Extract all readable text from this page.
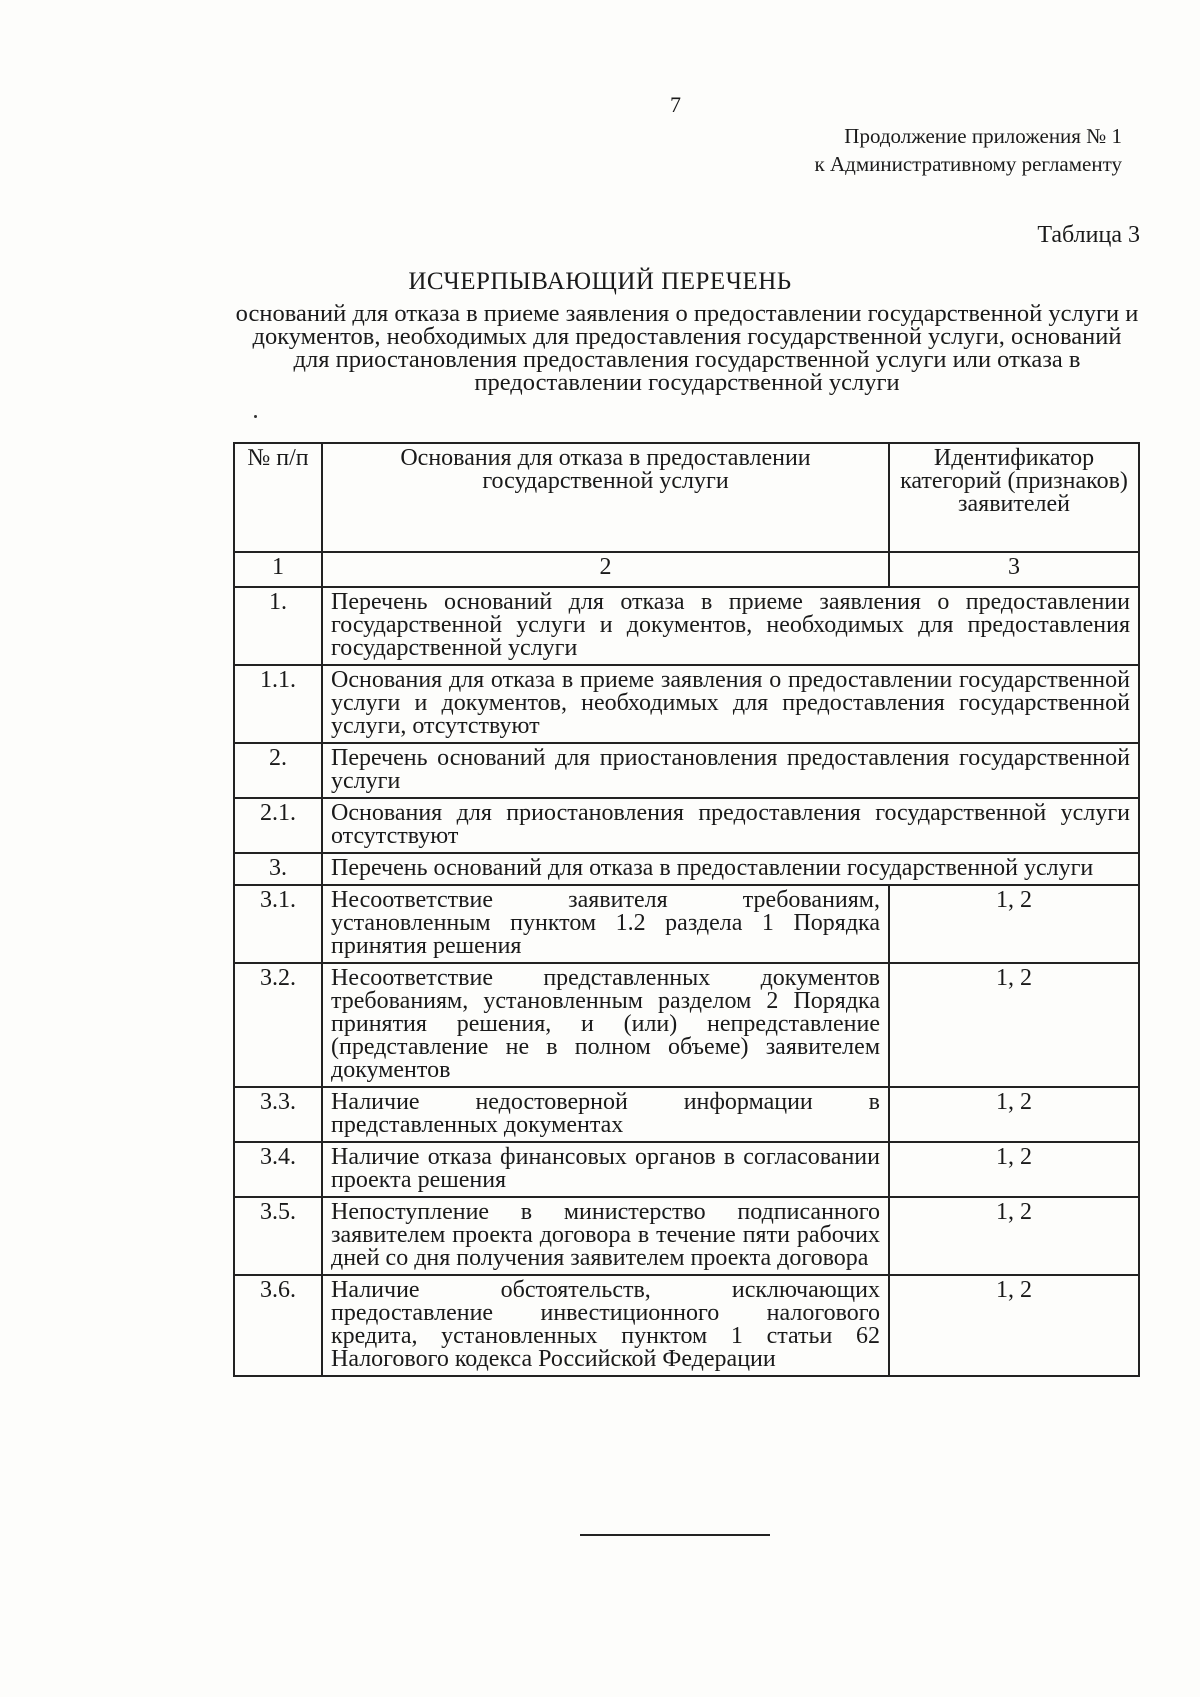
7
Продолжение приложения № 1
к Административному регламенту
Таблица 3
ИСЧЕРПЫВАЮЩИЙ ПЕРЕЧЕНЬ
оснований для отказа в приеме заявления о предоставлении государственной услуги и документов, необходимых для предоставления государственной услуги, оснований для приостановления предоставления государственной услуги или отказа в предоставлении государственной услуги
№ п/п	Основания для отказа в предоставлении государственной услуги	Идентификатор категорий (признаков) заявителей
1	2	3
1.	Перечень оснований для отказа в приеме заявления о предоставлении государственной услуги и документов, необходимых для предоставления государственной услуги	
1.1.	Основания для отказа в приеме заявления о предоставлении государственной услуги и документов, необходимых для предоставления государственной услуги, отсутствуют	
2.	Перечень оснований для приостановления предоставления государственной услуги	
2.1.	Основания для приостановления предоставления государственной услуги отсутствуют	
3.	Перечень оснований для отказа в предоставлении государственной услуги	
3.1.	Несоответствие заявителя требованиям, установленным пунктом 1.2 раздела 1 Порядка принятия решения	1, 2
3.2.	Несоответствие представленных документов требованиям, установленным разделом 2 Порядка принятия решения, и (или) непредставление (представление не в полном объеме) заявителем документов	1, 2
3.3.	Наличие недостоверной информации в представленных документах	1, 2
3.4.	Наличие отказа финансовых органов в согласовании проекта решения	1, 2
3.5.	Непоступление в министерство подписанного заявителем проекта договора в течение пяти рабочих дней со дня получения заявителем проекта договора	1, 2
3.6.	Наличие обстоятельств, исключающих предоставление инвестиционного налогового кредита, установленных пунктом 1 статьи 62 Налогового кодекса Российской Федерации	1, 2
